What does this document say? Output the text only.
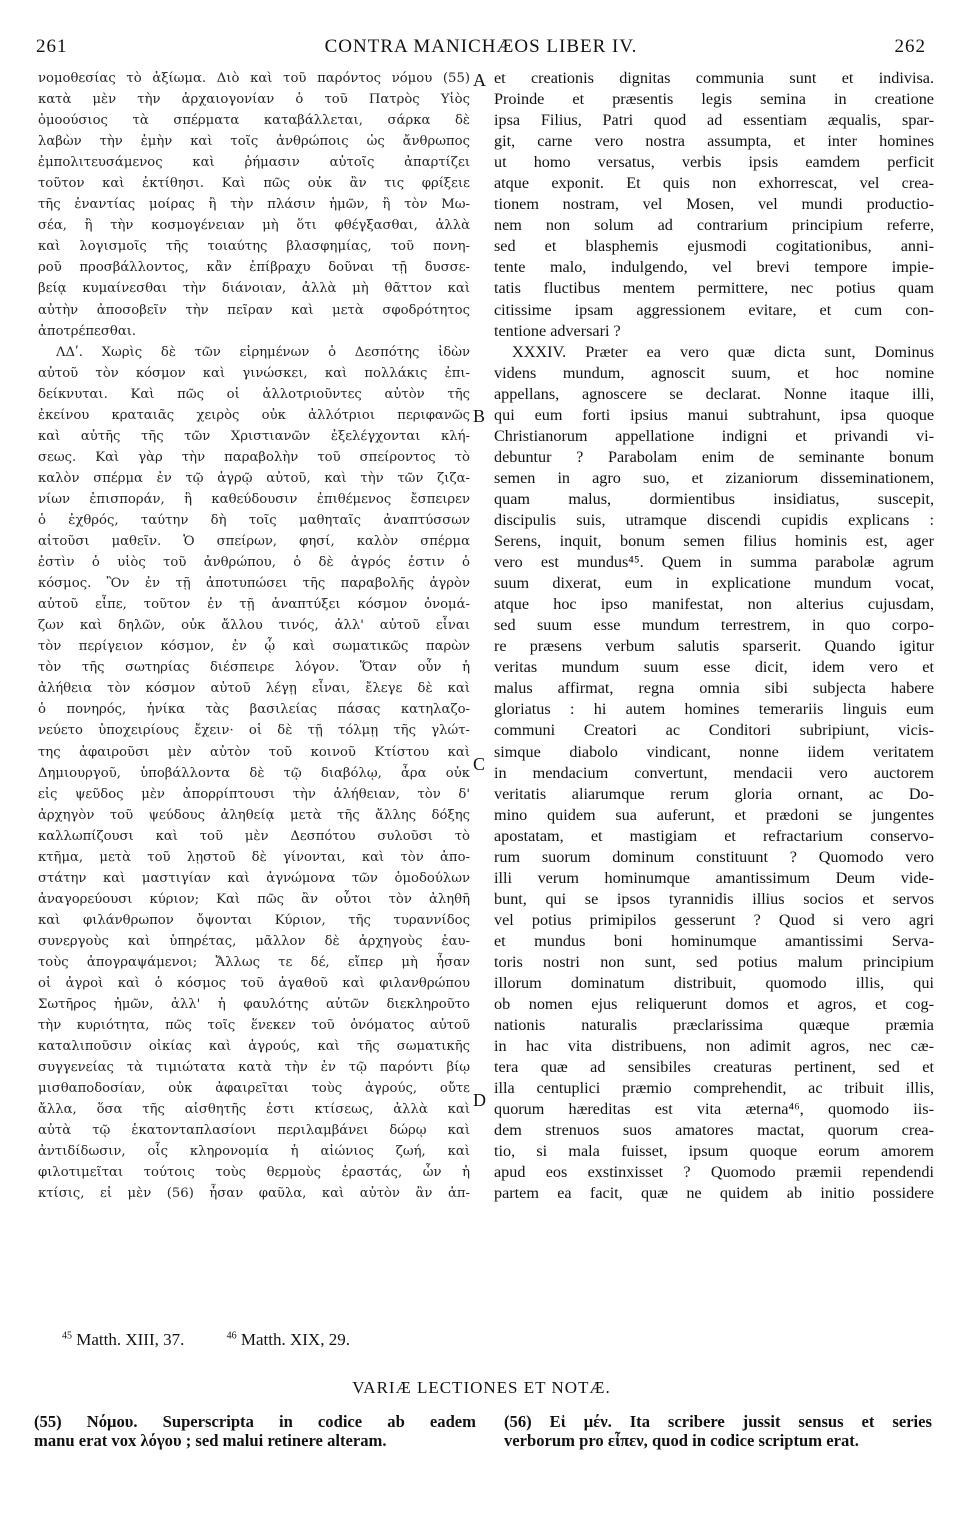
261	CONTRA MANICHÆOS LIBER IV.	262
νομοθεσίας τὸ ἀξίωμα. Διὸ καὶ τοῦ παρόντος νόμου (55)
κατὰ μὲν τὴν ἀρχαιογονίαν ὁ τοῦ Πατρὸς Υἱὸς
ὁμοούσιος τὰ σπέρματα καταβάλλεται, σάρκα δὲ
λαβὼν τὴν ἐμὴν καὶ τοῖς ἀνθρώποις ὡς ἄνθρωπος
ἐμπολιτευσάμενος καὶ ῥήμασιν αὐτοῖς ἀπαρτίζει
τοῦτον καὶ ἐκτίθησι. Καὶ πῶς οὐκ ἂν τις φρίξειε
τῆς ἐναντίας μοίρας ἢ τὴν πλάσιν ἡμῶν, ἢ τὸν Μω-
σέα, ἢ τὴν κοσμογένειαν μὴ ὅτι φθέγξασθαι, ἀλλὰ
καὶ λογισμοῖς τῆς τοιαύτης βλασφημίας, τοῦ πονη-
ροῦ προσβάλλοντος, κἂν ἐπίβραχυ δοῦναι τῇ δυσσε-
βείᾳ κυμαίνεσθαι τὴν διάνοιαν, ἀλλὰ μὴ θᾶττον καὶ
αὐτὴν ἀποσοβεῖν τὴν πεῖραν καὶ μετὰ σφοδρότητος
ἀποτρέπεσθαι.
ΛΔʹ. Χωρὶς δὲ τῶν εἰρημένων ὁ Δεσπότης ἰδὼν
αὐτοῦ τὸν κόσμον καὶ γινώσκει, καὶ πολλάκις ἐπι-
δείκνυται. Καὶ πῶς οἱ ἀλλοτριοῦντες αὐτὸν τῆς
ἐκείνου κραταιᾶς χειρὸς οὐκ ἀλλότριοι περιφανῶς
καὶ αὐτῆς τῆς τῶν Χριστιανῶν ἐξελέγχονται κλή-
σεως. Καὶ γὰρ τὴν παραβολὴν τοῦ σπείροντος τὸ
καλὸν σπέρμα ἐν τῷ ἀγρῷ αὐτοῦ, καὶ τὴν τῶν ζιζα-
νίων ἐπισποράν, ἣ καθεύδουσιν ἐπιθέμενος ἔσπειρεν
ὁ ἐχθρός, ταύτην δὴ τοῖς μαθηταῖς ἀναπτύσσων
αἰτοῦσι μαθεῖν. Ὁ σπείρων, φησί, καλὸν σπέρμα
ἐστὶν ὁ υἱὸς τοῦ ἀνθρώπου, ὁ δὲ ἀγρός ἐστιν ὁ
κόσμος. Ὃν ἐν τῇ ἀποτυπώσει τῆς παραβολῆς ἀγρὸν
αὐτοῦ εἶπε, τοῦτον ἐν τῇ ἀναπτύξει κόσμον ὀνομά-
ζων καὶ δηλῶν, οὐκ ἄλλου τινός, ἀλλ' αὐτοῦ εἶναι
τὸν περίγειον κόσμον, ἐν ᾧ καὶ σωματικῶς παρὼν
τὸν τῆς σωτηρίας διέσπειρε λόγον. Ὅταν οὖν ἡ
ἀλήθεια τὸν κόσμον αὐτοῦ λέγῃ εἶναι, ἔλεγε δὲ καὶ
ὁ πονηρός, ἡνίκα τὰς βασιλείας πάσας κατηλαζο-
νεύετο ὑποχειρίους ἔχειν· οἱ δὲ τῇ τόλμῃ τῆς γλώτ-
της ἀφαιροῦσι μὲν αὐτὸν τοῦ κοινοῦ Κτίστου καὶ
Δημιουργοῦ, ὑποβάλλοντα δὲ τῷ διαβόλῳ, ἆρα οὐκ
εἰς ψεῦδος μὲν ἀπορρίπτουσι τὴν ἀλήθειαν, τὸν δ'
ἀρχηγὸν τοῦ ψεύδους ἀληθείᾳ μετὰ τῆς ἄλλης δόξης
καλλωπίζουσι καὶ τοῦ μὲν Δεσπότου συλοῦσι τὸ
κτῆμα, μετὰ τοῦ λῃστοῦ δὲ γίνονται, καὶ τὸν ἀπο-
στάτην καὶ μαστιγίαν καὶ ἀγνώμονα τῶν ὁμοδούλων
ἀναγορεύουσι κύριον; Καὶ πῶς ἂν οὗτοι τὸν ἀληθῆ
καὶ φιλάνθρωπον ὄψονται Κύριον, τῆς τυραννίδος
συνεργοὺς καὶ ὑπηρέτας, μᾶλλον δὲ ἀρχηγοὺς ἑαυ-
τοὺς ἀπογραψάμενοι; Ἄλλως τε δέ, εἴπερ μὴ ἦσαν
οἱ ἀγροὶ καὶ ὁ κόσμος τοῦ ἀγαθοῦ καὶ φιλανθρώπου
Σωτῆρος ἡμῶν, ἀλλ' ἡ φαυλότης αὐτῶν διεκληροῦτο
τὴν κυριότητα, πῶς τοῖς ἕνεκεν τοῦ ὀνόματος αὐτοῦ
καταλιποῦσιν οἰκίας καὶ ἀγρούς, καὶ τῆς σωματικῆς
συγγενείας τὰ τιμιώτατα κατὰ τὴν ἐν τῷ παρόντι βίῳ
μισθαποδοσίαν, οὐκ ἀφαιρεῖται τοὺς ἀγρούς, οὔτε
ἄλλα, ὅσα τῆς αἰσθητῆς ἐστι κτίσεως, ἀλλὰ καὶ
αὐτὰ τῷ ἑκατονταπλασίονι περιλαμβάνει δώρῳ καὶ
ἀντιδίδωσιν, οἷς κληρονομία ἡ αἰώνιος ζωή, καὶ
φιλοτιμεῖται τούτοις τοὺς θερμοὺς ἐραστάς, ὧν ἡ
κτίσις, εἰ μὲν (56) ἦσαν φαῦλα, καὶ αὐτὸν ἂν ἀπ-
et creationis dignitas communia sunt et indivisa.
Proinde et præsentis legis semina in creatione
ipsa Filius, Patri quod ad essentiam æqualis, spar-
git, carne vero nostra assumpta, et inter homines
ut homo versatus, verbis ipsis eamdem perficit
atque exponit. Et quis non exhorrescat, vel crea-
tionem nostram, vel Mosen, vel mundi productio-
nem non solum ad contrarium principium referre,
sed et blasphemis ejusmodi cogitationibus, anni-
tente malo, indulgendo, vel brevi tempore impie-
tatis fluctibus mentem permittere, nec potius quam
citissime ipsam aggressionem evitare, et cum con-
tentione adversari ?
XXXIV. Præter ea vero quæ dicta sunt, Dominus
videns mundum, agnoscit suum, et hoc nomine
appellans, agnoscere se declarat. Nonne itaque illi,
qui eum forti ipsius manui subtrahunt, ipsa quoque
Christianorum appellatione indigni et privandi vi-
debuntur ? Parabolam enim de seminante bonum
semen in agro suo, et zizaniorum disseminationem,
quam malus, dormientibus insidiatus, suscepit,
discipulis suis, utramque discendi cupidis explicans :
Serens, inquit, bonum semen filius hominis est, ager
vero est mundus⁴⁵. Quem in summa parabolæ agrum
suum dixerat, eum in explicatione mundum vocat,
atque hoc ipso manifestat, non alterius cujusdam,
sed suum esse mundum terrestrem, in quo corpo-
re præsens verbum salutis sparserit. Quando igitur
veritas mundum suum esse dicit, idem vero et
malus affirmat, regna omnia sibi subjecta habere
gloriatus : hi autem homines temerariis linguis eum
communi Creatori ac Conditori subripiunt, vicis-
simque diabolo vindicant, nonne iidem veritatem
in mendacium convertunt, mendacii vero auctorem
veritatis aliarumque rerum gloria ornant, ac Do-
mino quidem sua auferunt, et prædoni se jungentes
apostatam, et mastigiam et refractarium conservo-
rum suorum dominum constituunt ? Quomodo vero
illi verum hominumque amantissimum Deum vide-
bunt, qui se ipsos tyrannidis illius socios et servos
vel potius primipilos gesserunt ? Quod si vero agri
et mundus boni hominumque amantissimi Serva-
toris nostri non sunt, sed potius malum principium
illorum dominatum distribuit, quomodo illis, qui
ob nomen ejus reliquerunt domos et agros, et cog-
nationis naturalis præclarissima quæque præmia
in hac vita distribuens, non adimit agros, nec cæ-
tera quæ ad sensibiles creaturas pertinent, sed et
illa centuplici præmio comprehendit, ac tribuit illis,
quorum hæreditas est vita æterna⁴⁶, quomodo iis-
dem strenuos suos amatores mactat, quorum crea-
tio, si mala fuisset, ipsum quoque eorum amorem
apud eos exstinxisset ? Quomodo præmii rependendi
partem ea facit, quæ ne quidem ab initio possidere
A
B
C
D
$^{45}$ Matth. XIII, 37.	$^{46}$ Matth. XIX, 29.
VARIÆ LECTIONES ET NOTÆ.
(55) Νόμου. Superscripta in codice ab eadem
manu erat vox λόγου ; sed malui retinere alteram.
(56) Εἰ μέν. Ita scribere jussit sensus et series
verborum pro εἶπεν, quod in codice scriptum erat.
